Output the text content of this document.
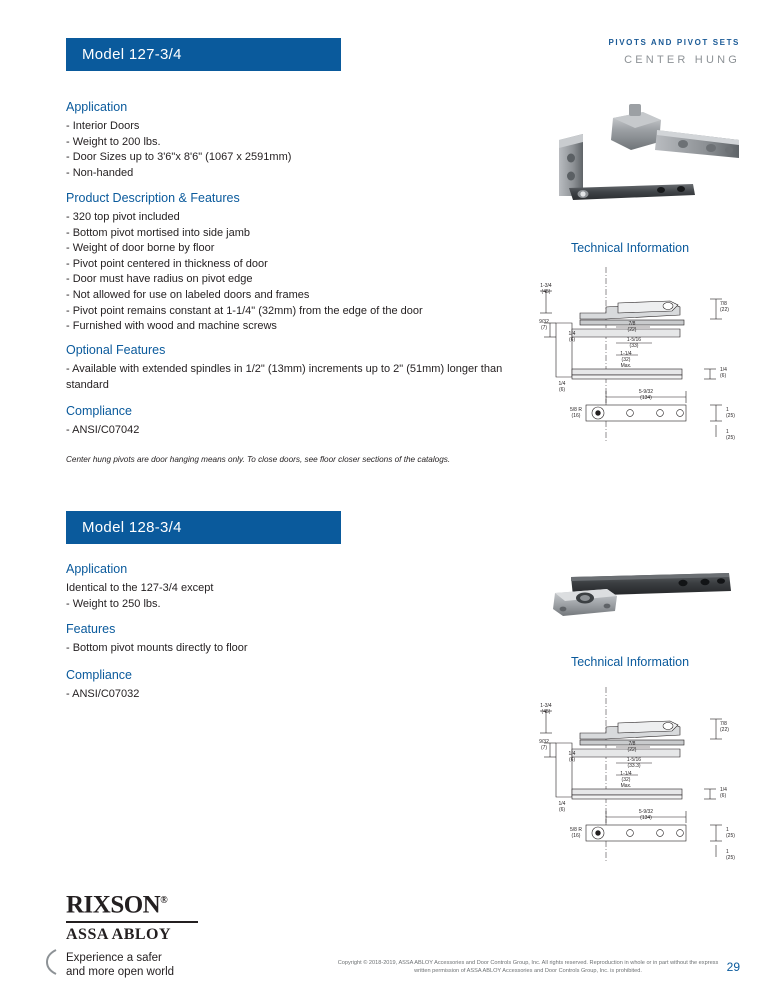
PIVOTS AND PIVOT SETS
CENTER HUNG
Model 127-3/4
Application
- Interior Doors
- Weight to 200 lbs.
- Door Sizes up to 3'6"x 8'6" (1067 x 2591mm)
- Non-handed
Product Description & Features
- 320 top pivot included
- Bottom pivot mortised into side jamb
- Weight of door borne by floor
- Pivot point centered in thickness of door
- Door must have radius on pivot edge
- Not allowed for use on labeled doors and frames
- Pivot point remains constant at 1-1/4" (32mm) from the edge of the door
- Furnished with wood and machine screws
Optional Features
- Available with extended spindles in 1/2" (13mm) increments up to 2" (51mm) longer than standard
Compliance
- ANSI/C07042
Center hung pivots are door hanging means only. To close doors, see floor closer sections of the catalogs.
Technical Information
1-3/4
(45)
9/32
(7)
1/4
(6)
7/8
(22)
7/8
(22)
1-5/16
(33)
1-1/4
(32)
Max.
1/4
(6)
1/4
(6)
1
(25)
5-9/32
(134)
5/8 R
(16)
1
(25)
Model 128-3/4
Application
Identical to the 127-3/4 except
- Weight to 250 lbs.
Features
- Bottom pivot mounts directly to floor
Compliance
- ANSI/C07032
Technical Information
1-3/4
(45)
9/32
(7)
1/4
(6)
7/8
(22)
7/8
(22)
1-5/16
(33.3)
1-1/4
(32)
Max.
1/4
(6)
1/4
(6)
1
(25)
5-9/32
(134)
5/8 R
(16)
1
(25)
RIXSON®
ASSA ABLOY
Experience a safer
and more open world
Copyright © 2018-2019, ASSA ABLOY Accessories and Door Controls Group, Inc. All rights reserved. Reproduction in whole or in part without the express written permission of ASSA ABLOY Accessories and Door Controls Group, Inc. is prohibited.	29
